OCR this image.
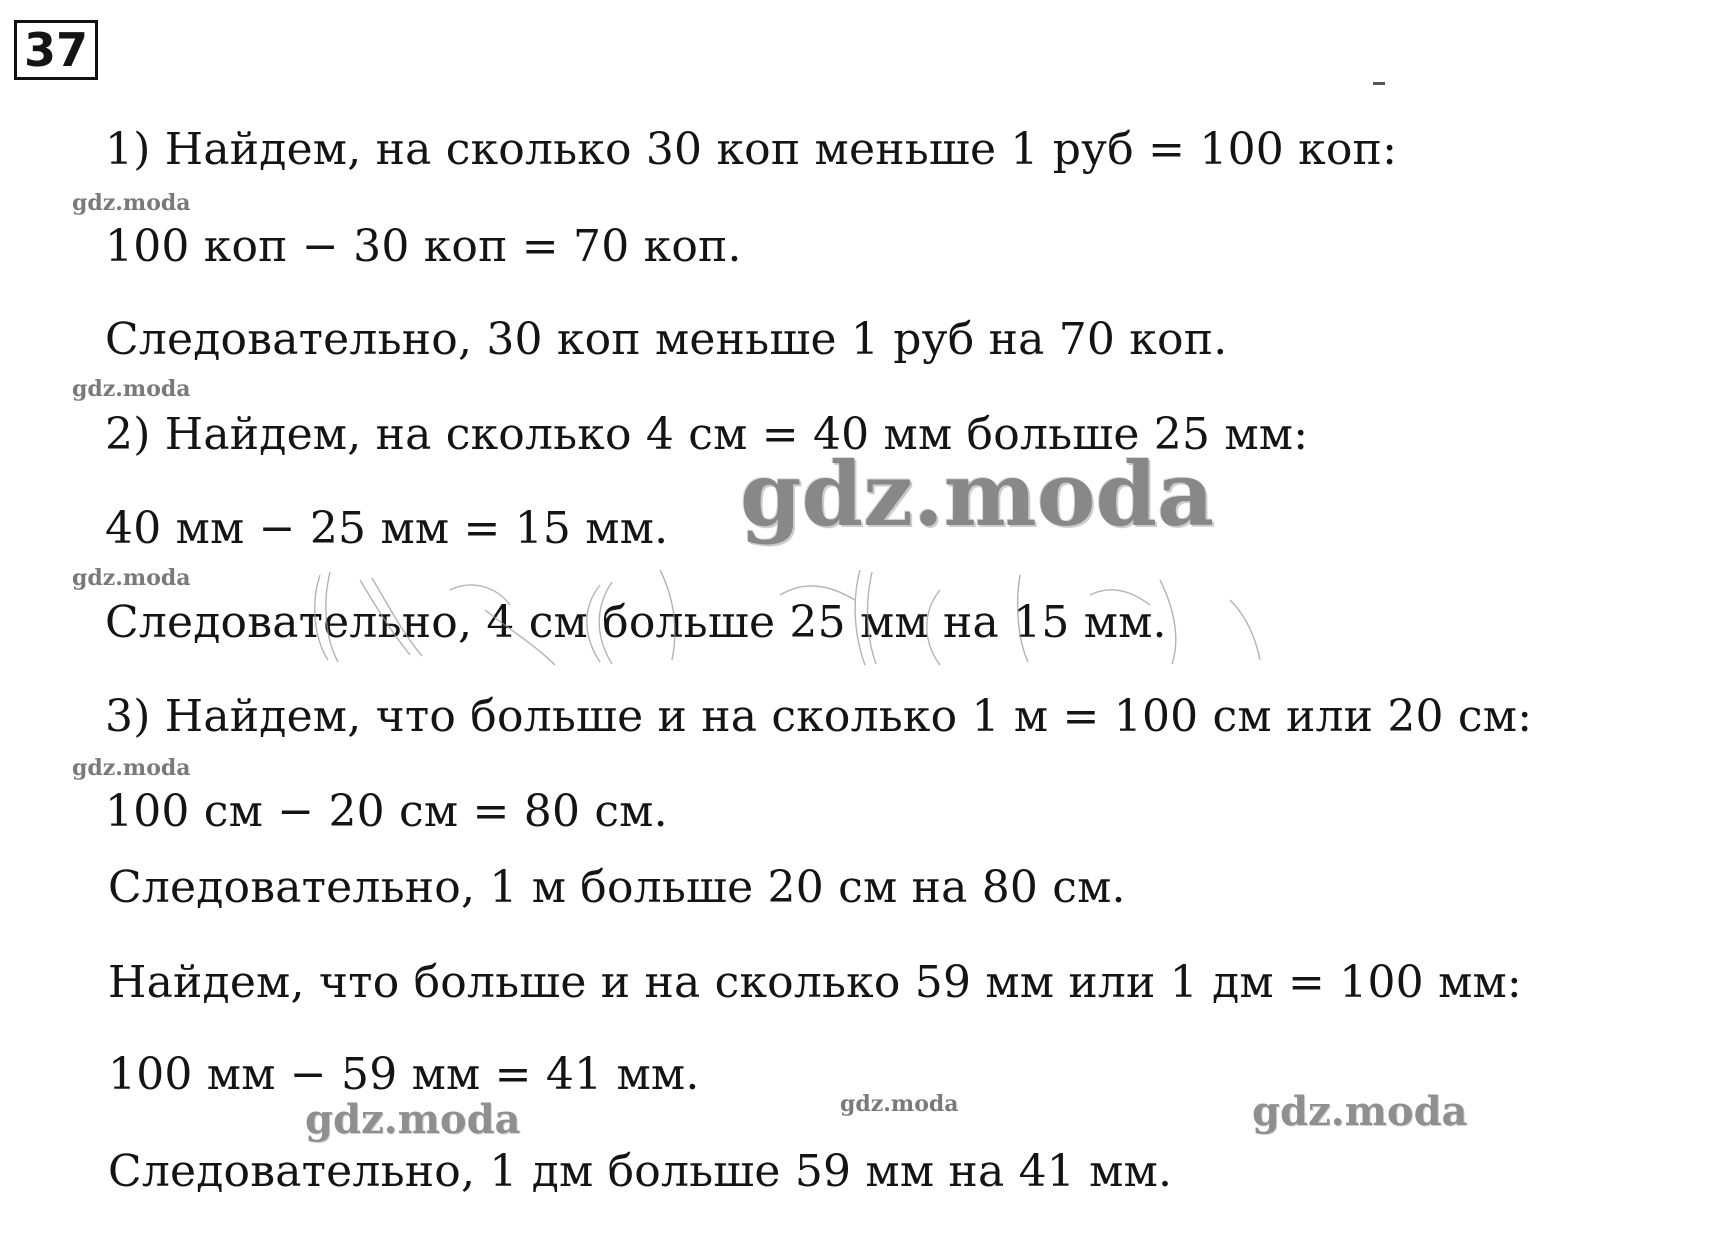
37
1) Найдем, на сколько 30 коп меньше 1 руб = 100 коп:
100 коп − 30 коп = 70 коп.
Следовательно, 30 коп меньше 1 руб на 70 коп.
2) Найдем, на сколько 4 см = 40 мм больше 25 мм:
40 мм − 25 мм = 15 мм.
Следовательно, 4 см больше 25 мм на 15 мм.
3) Найдем, что больше и на сколько 1 м = 100 см или 20 см:
100 см − 20 см = 80 см.
Следовательно, 1 м больше 20 см на 80 см.
Найдем, что больше и на сколько 59 мм или 1 дм = 100 мм:
100 мм − 59 мм = 41 мм.
Следовательно, 1 дм больше 59 мм на 41 мм.
gdz.moda
gdz.moda
gdz.moda
gdz.moda
gdz.moda
gdz.moda
gdz.moda	gdz.moda
